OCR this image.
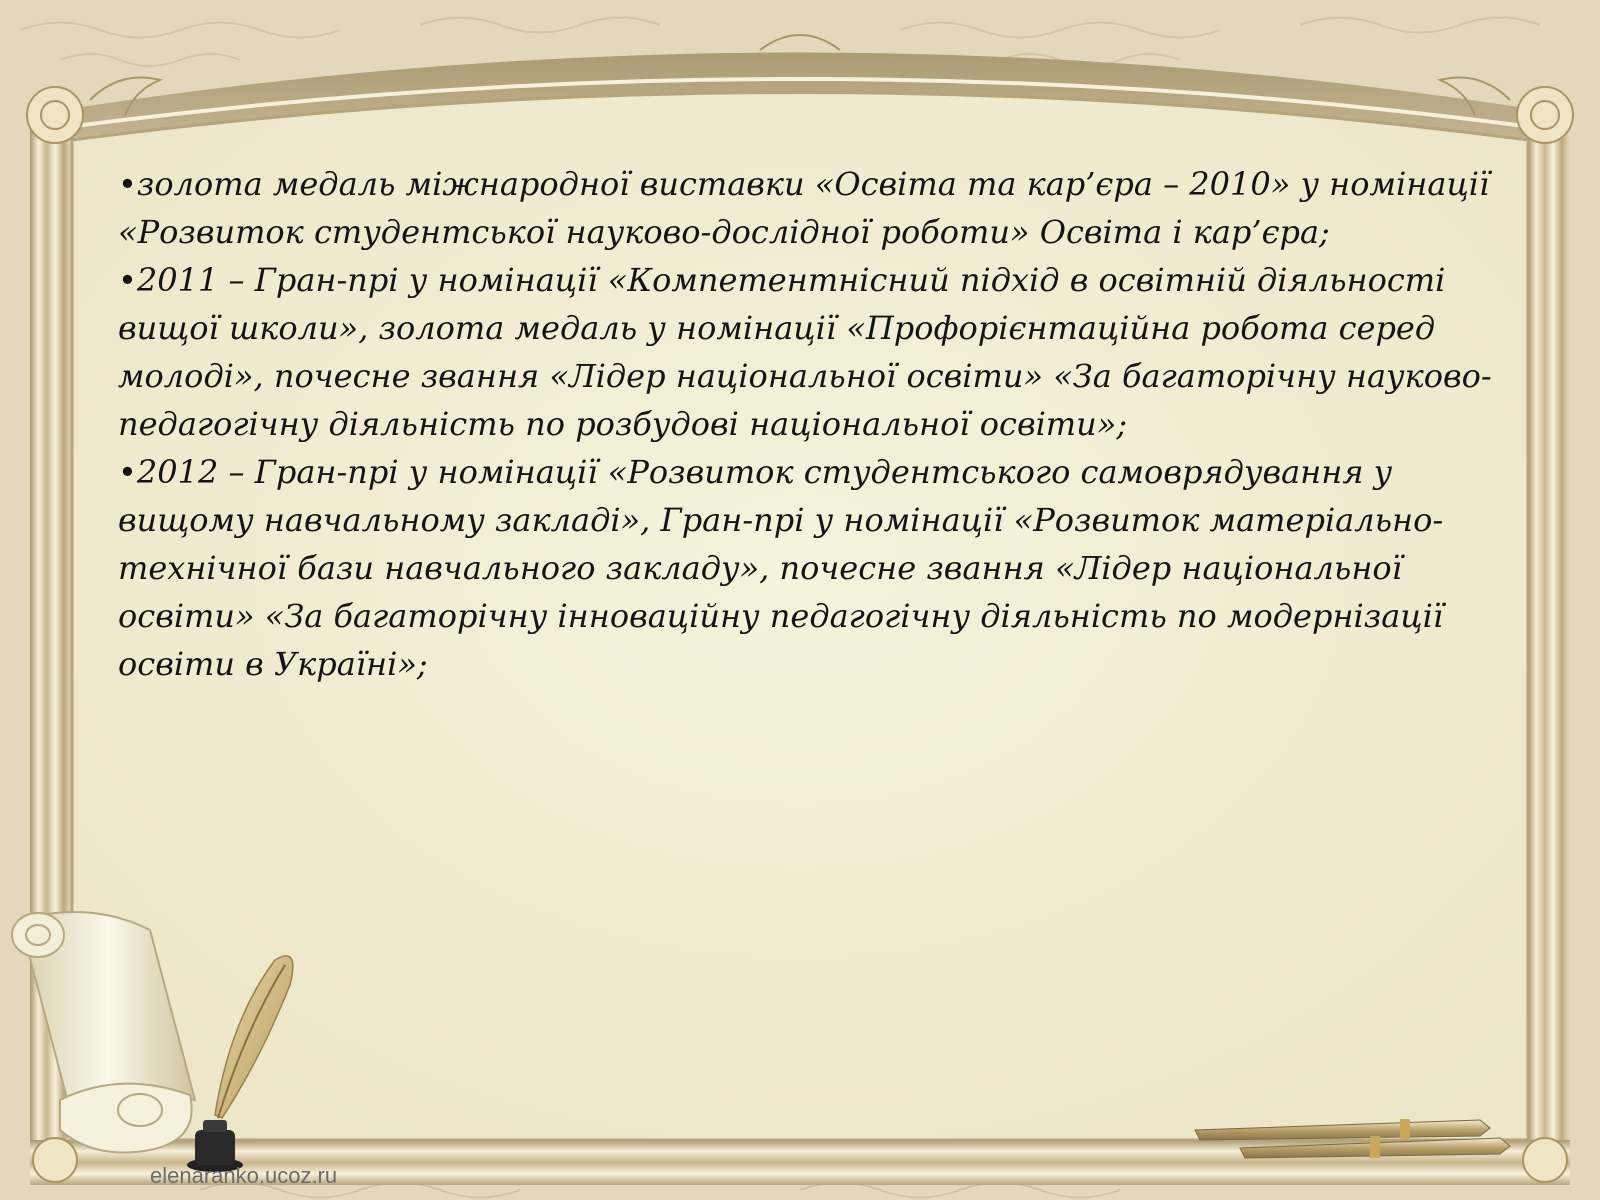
•золота медаль міжнародної виставки «Освіта та кар’єра – 2010» у номінації «Розвиток студентської науково-дослідної роботи» Освіта і кар’єра;

•2011 – Гран-прі у номінації «Компетентнісний підхід в освітній діяльності вищої школи», золота медаль у номінації «Профорієнтаційна робота серед молоді», почесне звання «Лідер національної освіти» «За багаторічну науково-педагогічну діяльність по розбудові національної освіти»;

•2012 – Гран-прі у номінації «Розвиток студентського самоврядування у вищому навчальному закладі», Гран-прі у номінації «Розвиток матеріально-технічної бази навчального закладу», почесне звання «Лідер національної освіти» «За багаторічну інноваційну педагогічну діяльність по модернізації освіти в Україні»;

elenaranko.ucoz.ru
